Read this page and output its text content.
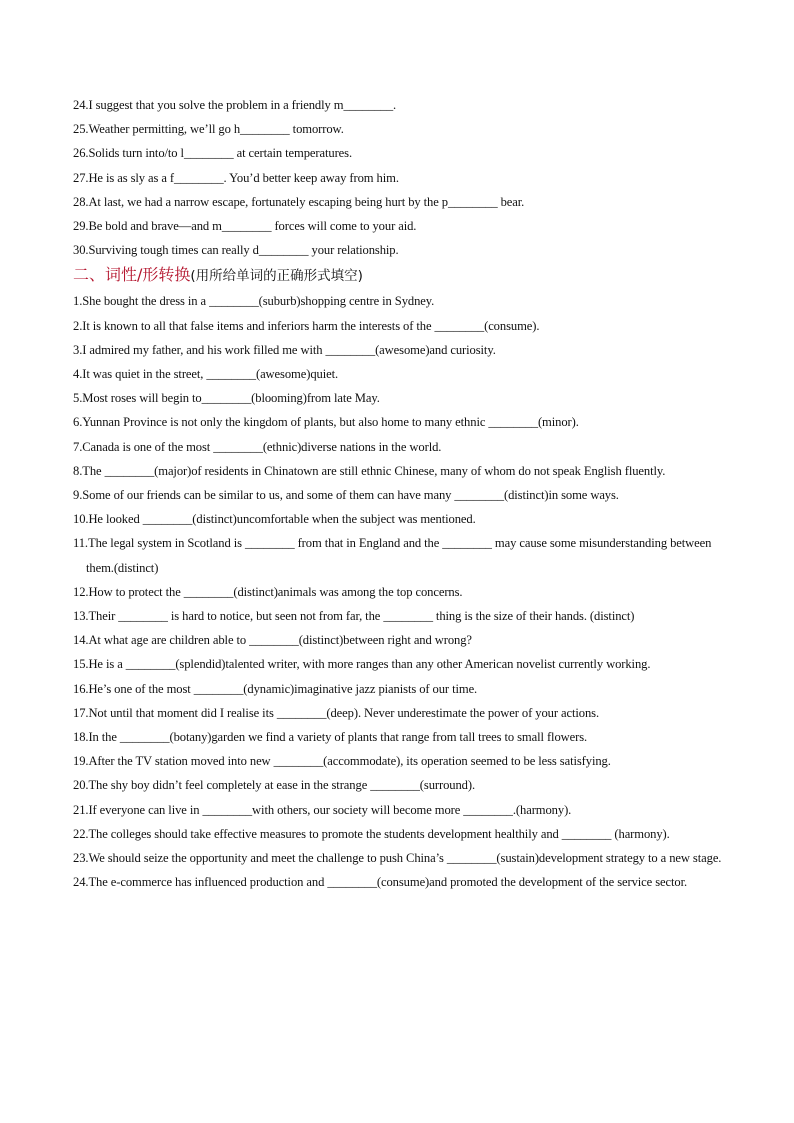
24.I suggest that you solve the problem in a friendly m________.
25.Weather permitting, we’ll go h________ tomorrow.
26.Solids turn into/to l________ at certain temperatures.
27.He is as sly as a f________. You’d better keep away from him.
28.At last, we had a narrow escape, fortunately escaping being hurt by the p________ bear.
29.Be bold and brave—and m________ forces will come to your aid.
30.Surviving tough times can really d________ your relationship.
二、词性/形转换(用所给单词的正确形式填空)
1.She bought the dress in a ________(suburb)shopping centre in Sydney.
2.It is known to all that false items and inferiors harm the interests of the ________(consume).
3.I admired my father, and his work filled me with ________(awesome)and curiosity.
4.It was quiet in the street, ________(awesome)quiet.
5.Most roses will begin to________(blooming)from late May.
6.Yunnan Province is not only the kingdom of plants, but also home to many ethnic ________(minor).
7.Canada is one of the most ________(ethnic)diverse nations in the world.
8.The ________(major)of residents in Chinatown are still ethnic Chinese, many of whom do not speak English fluently.
9.Some of our friends can be similar to us, and some of them can have many ________(distinct)in some ways.
10.He looked ________(distinct)uncomfortable when the subject was mentioned.
11.The legal system in Scotland is ________ from that in England and the ________ may cause some misunderstanding between them.(distinct)
12.How to protect the ________(distinct)animals was among the top concerns.
13.Their ________ is hard to notice, but seen not from far, the ________ thing is the size of their hands. (distinct)
14.At what age are children able to ________(distinct)between right and wrong?
15.He is a ________(splendid)talented writer, with more ranges than any other American novelist currently working.
16.He’s one of the most ________(dynamic)imaginative jazz pianists of our time.
17.Not until that moment did I realise its ________(deep). Never underestimate the power of your actions.
18.In the ________(botany)garden we find a variety of plants that range from tall trees to small flowers.
19.After the TV station moved into new ________(accommodate), its operation seemed to be less satisfying.
20.The shy boy didn’t feel completely at ease in the strange ________(surround).
21.If everyone can live in ________with others, our society will become more ________.(harmony).
22.The colleges should take effective measures to promote the students development healthily and ________ (harmony).
23.We should seize the opportunity and meet the challenge to push China’s ________(sustain)development strategy to a new stage.
24.The e-commerce has influenced production and ________(consume)and promoted the development of the service sector.
